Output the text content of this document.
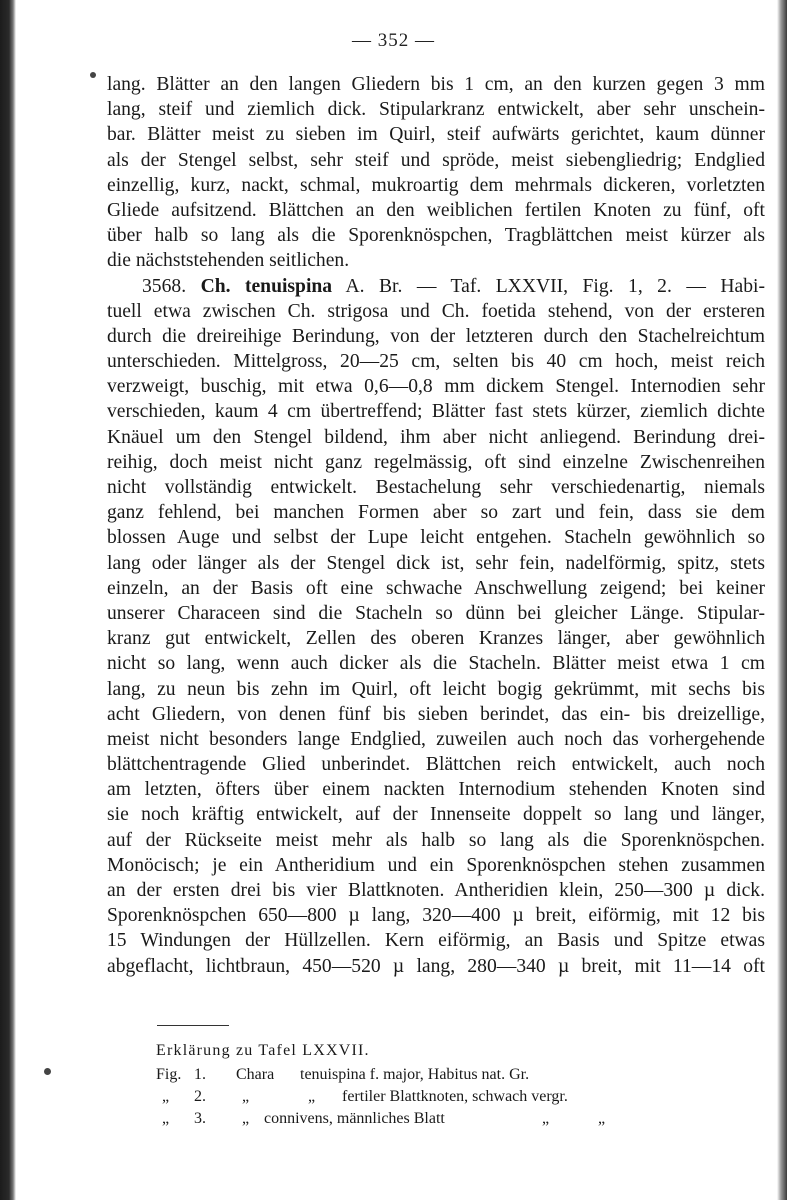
— 352 —
lang. Blätter an den langen Gliedern bis 1 cm, an den kurzen gegen 3 mm
lang, steif und ziemlich dick. Stipularkranz entwickelt, aber sehr unschein-
bar. Blätter meist zu sieben im Quirl, steif aufwärts gerichtet, kaum dünner
als der Stengel selbst, sehr steif und spröde, meist siebengliedrig; Endglied
einzellig, kurz, nackt, schmal, mukroartig dem mehrmals dickeren, vorletzten
Gliede aufsitzend. Blättchen an den weiblichen fertilen Knoten zu fünf, oft
über halb so lang als die Sporenknöspchen, Tragblättchen meist kürzer als
die nächststehenden seitlichen.
3568. Ch. tenuispina A. Br. — Taf. LXXVII, Fig. 1, 2. — Habi-
tuell etwa zwischen Ch. strigosa und Ch. foetida stehend, von der ersteren
durch die dreireihige Berindung, von der letzteren durch den Stachelreichtum
unterschieden. Mittelgross, 20—25 cm, selten bis 40 cm hoch, meist reich
verzweigt, buschig, mit etwa 0,6—0,8 mm dickem Stengel. Internodien sehr
verschieden, kaum 4 cm übertreffend; Blätter fast stets kürzer, ziemlich dichte
Knäuel um den Stengel bildend, ihm aber nicht anliegend. Berindung drei-
reihig, doch meist nicht ganz regelmässig, oft sind einzelne Zwischenreihen
nicht vollständig entwickelt. Bestachelung sehr verschiedenartig, niemals
ganz fehlend, bei manchen Formen aber so zart und fein, dass sie dem
blossen Auge und selbst der Lupe leicht entgehen. Stacheln gewöhnlich so
lang oder länger als der Stengel dick ist, sehr fein, nadelförmig, spitz, stets
einzeln, an der Basis oft eine schwache Anschwellung zeigend; bei keiner
unserer Characeen sind die Stacheln so dünn bei gleicher Länge. Stipular-
kranz gut entwickelt, Zellen des oberen Kranzes länger, aber gewöhnlich
nicht so lang, wenn auch dicker als die Stacheln. Blätter meist etwa 1 cm
lang, zu neun bis zehn im Quirl, oft leicht bogig gekrümmt, mit sechs bis
acht Gliedern, von denen fünf bis sieben berindet, das ein- bis dreizellige,
meist nicht besonders lange Endglied, zuweilen auch noch das vorhergehende
blättchentragende Glied unberindet. Blättchen reich entwickelt, auch noch
am letzten, öfters über einem nackten Internodium stehenden Knoten sind
sie noch kräftig entwickelt, auf der Innenseite doppelt so lang und länger,
auf der Rückseite meist mehr als halb so lang als die Sporenknöspchen.
Monöcisch; je ein Antheridium und ein Sporenknöspchen stehen zusammen
an der ersten drei bis vier Blattknoten. Antheridien klein, 250—300 µ dick.
Sporenknöspchen 650—800 µ lang, 320—400 µ breit, eiförmig, mit 12 bis
15 Windungen der Hüllzellen. Kern eiförmig, an Basis und Spitze etwas
abgeflacht, lichtbraun, 450—520 µ lang, 280—340 µ breit, mit 11—14 oft
Erklärung zu Tafel LXXVII.
Fig. 1. Chara tenuispina f. major, Habitus nat. Gr.
„ 2. „	„ fertiler Blattknoten, schwach vergr.
„ 3. „ connivens, männliches Blatt	„	„
